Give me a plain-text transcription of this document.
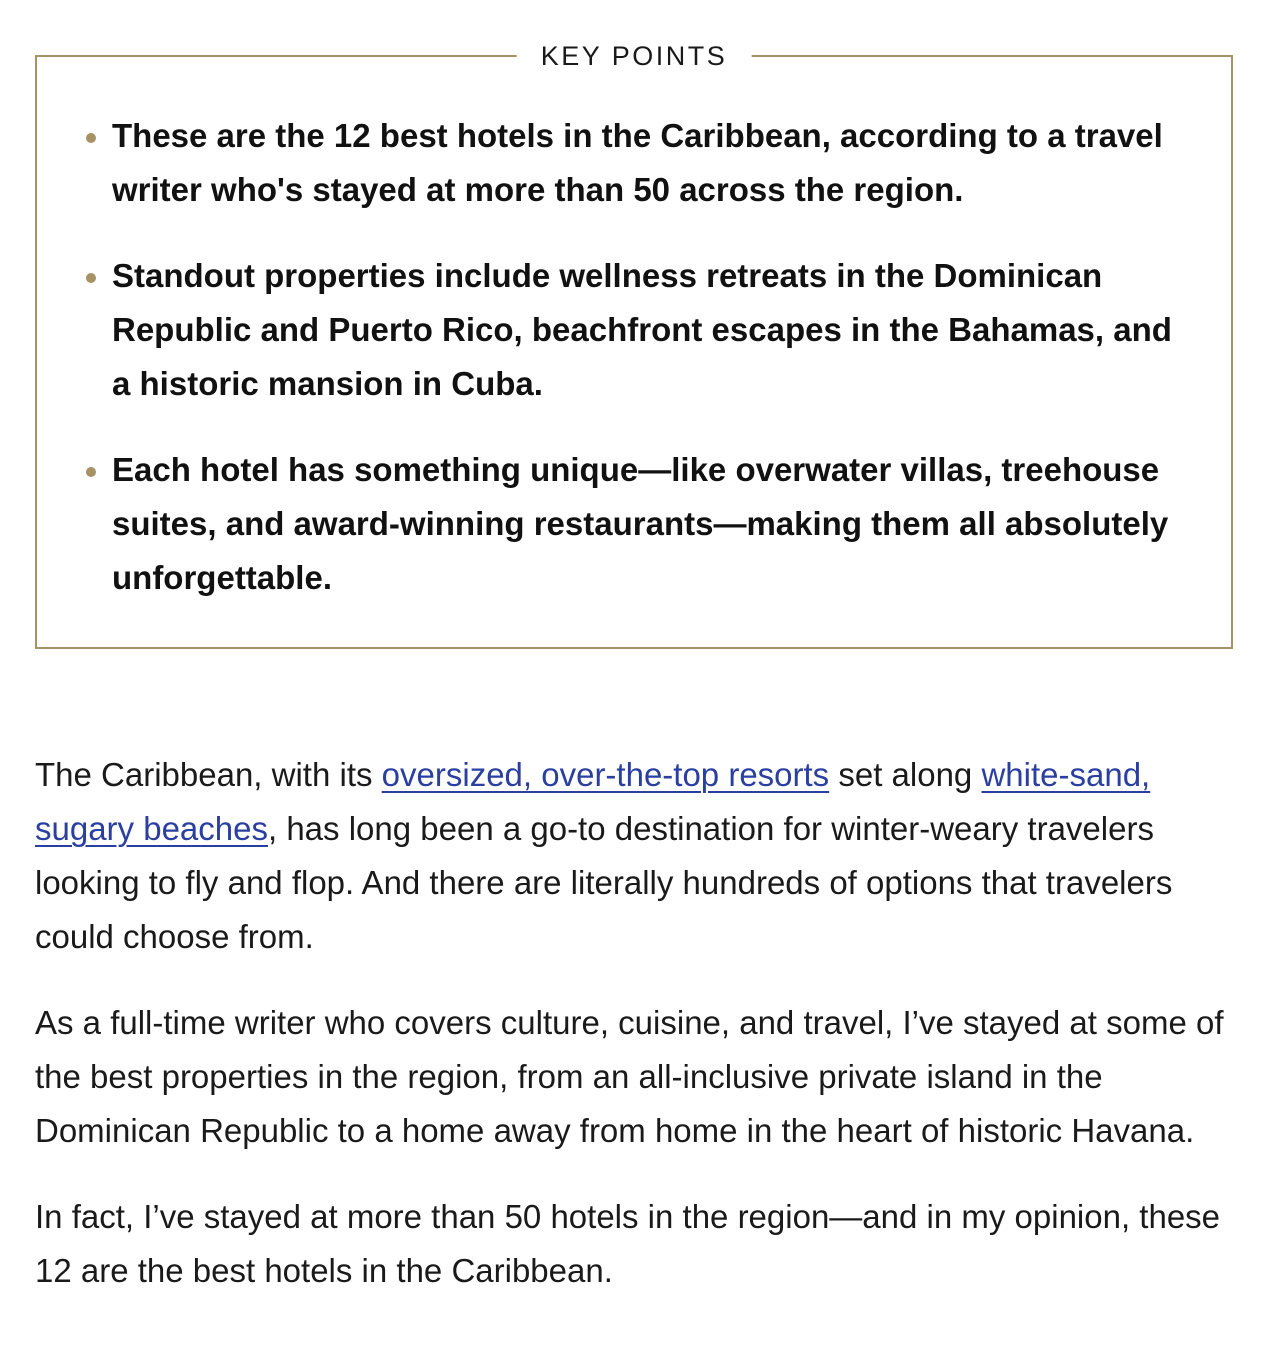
KEY POINTS
These are the 12 best hotels in the Caribbean, according to a travel writer who's stayed at more than 50 across the region.
Standout properties include wellness retreats in the Dominican Republic and Puerto Rico, beachfront escapes in the Bahamas, and a historic mansion in Cuba.
Each hotel has something unique—like overwater villas, treehouse suites, and award-winning restaurants—making them all absolutely unforgettable.

The Caribbean, with its oversized, over-the-top resorts set along white-sand, sugary beaches, has long been a go-to destination for winter-weary travelers looking to fly and flop. And there are literally hundreds of options that travelers could choose from.

As a full-time writer who covers culture, cuisine, and travel, I’ve stayed at some of the best properties in the region, from an all-inclusive private island in the Dominican Republic to a home away from home in the heart of historic Havana.

In fact, I’ve stayed at more than 50 hotels in the region—and in my opinion, these 12 are the best hotels in the Caribbean.
